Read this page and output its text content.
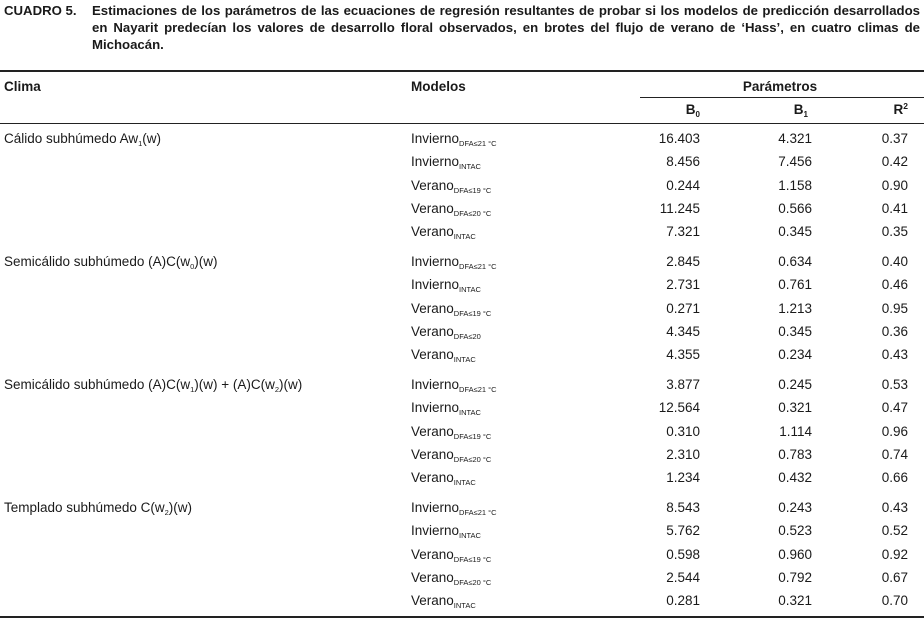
CUADRO 5. Estimaciones de los parámetros de las ecuaciones de regresión resultantes de probar si los modelos de predicción desarrollados en Nayarit predecían los valores de desarrollo floral observados, en brotes del flujo de verano de ‘Hass’, en cuatro climas de Michoacán.
Clima	Modelos	Parámetros
$B_0$	$B_1$	$R^2$
Cálido subhúmedo $Aw_1(w)$	Invierno$_{DFA\le 21 ^\circ C}$	16.403	4.321	0.37
Invierno$_{INTAC}$	8.456	7.456	0.42
Verano$_{DFA\le 19 ^\circ C}$	0.244	1.158	0.90
Verano$_{DFA\le 20 ^\circ C}$	11.245	0.566	0.41
Verano$_{INTAC}$	7.321	0.345	0.35
Semicálido subhúmedo $(A)C(w_0)(w)$	Invierno$_{DFA\le 21 ^\circ C}$	2.845	0.634	0.40
Invierno$_{INTAC}$	2.731	0.761	0.46
Verano$_{DFA\le 19 ^\circ C}$	0.271	1.213	0.95
Verano$_{DFA\le 20}$	4.345	0.345	0.36
Verano$_{INTAC}$	4.355	0.234	0.43
Semicálido subhúmedo $(A)C(w_1)(w) + (A)C(w_2)(w)$	Invierno$_{DFA\le 21 ^\circ C}$	3.877	0.245	0.53
Invierno$_{INTAC}$	12.564	0.321	0.47
Verano$_{DFA\le 19 ^\circ C}$	0.310	1.114	0.96
Verano$_{DFA\le 20 ^\circ C}$	2.310	0.783	0.74
Verano$_{INTAC}$	1.234	0.432	0.66
Templado subhúmedo $C(w_2)(w)$	Invierno$_{DFA\le 21 ^\circ C}$	8.543	0.243	0.43
Invierno$_{INTAC}$	5.762	0.523	0.52
Verano$_{DFA\le 19 ^\circ C}$	0.598	0.960	0.92
Verano$_{DFA\le 20 ^\circ C}$	2.544	0.792	0.67
Verano$_{INTAC}$	0.281	0.321	0.70
